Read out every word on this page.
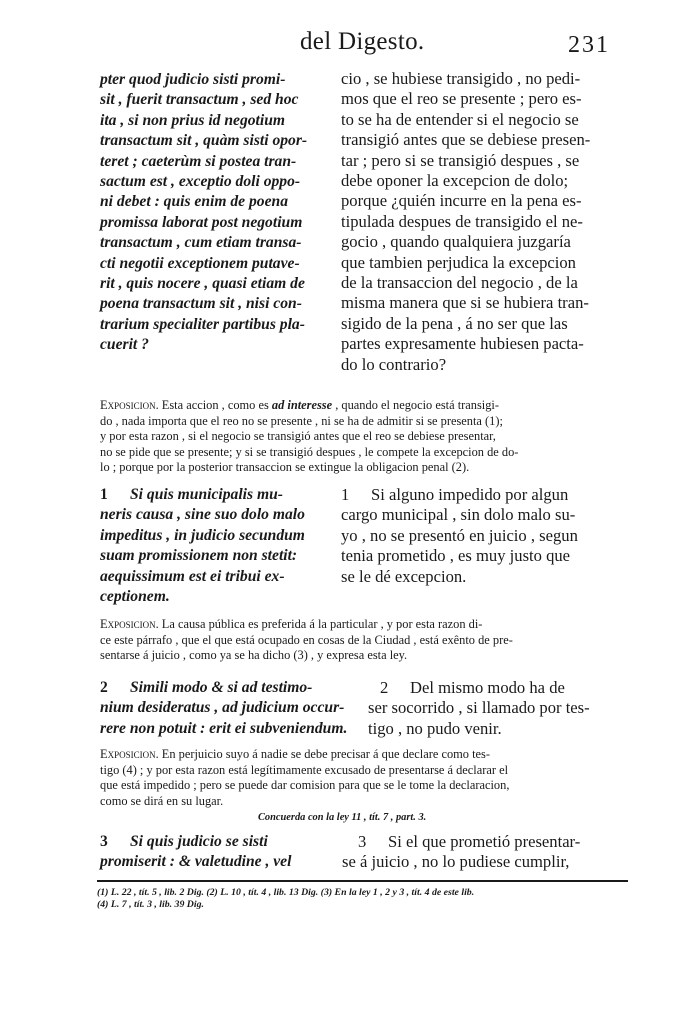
del Digesto.	231
pter quod judicio sisti promi-
sit , fuerit transactum , sed hoc
ita , si non prius id negotium
transactum sit , quàm sisti opor-
teret ; caeterùm si postea tran-
sactum est , exceptio doli oppo-
ni debet : quis enim de poena
promissa laborat post negotium
transactum , cum etiam transa-
cti negotii exceptionem putave-
rit , quis nocere , quasi etiam de
poena transactum sit , nisi con-
trarium specialiter partibus pla-
cuerit ?
cio , se hubiese transigido , no pedi-
mos que el reo se presente ; pero es-
to se ha de entender si el negocio se
transigió antes que se debiese presen-
tar ; pero si se transigió despues , se
debe oponer la excepcion de dolo;
porque ¿quién incurre en la pena es-
tipulada despues de transigido el ne-
gocio , quando qualquiera juzgaría
que tambien perjudica la excepcion
de la transaccion del negocio , de la
misma manera que si se hubiera tran-
sigido de la pena , á no ser que las
partes expresamente hubiesen pacta-
do lo contrario?
Exposicion. Esta accion , como es ad interesse , quando el negocio está transigi-
do , nada importa que el reo no se presente , ni se ha de admitir si se presenta (1);
y por esta razon , si el negocio se transigió antes que el reo se debiese presentar,
no se pide que se presente; y si se transigió despues , le compete la excepcion de do-
lo ; porque por la posterior transaccion se extingue la obligacion penal (2).
1 Si quis municipalis mu-
neris causa , sine suo dolo malo
impeditus , in judicio secundum
suam promissionem non stetit:
aequissimum est ei tribui ex-
ceptionem.
1 Si alguno impedido por algun
cargo municipal , sin dolo malo su-
yo , no se presentó en juicio , segun
tenia prometido , es muy justo que
se le dé excepcion.
Exposicion. La causa pública es preferida á la particular , y por esta razon di-
ce este párrafo , que el que está ocupado en cosas de la Ciudad , está exênto de pre-
sentarse á juicio , como ya se ha dicho (3) , y expresa esta ley.
2 Simili modo & si ad testimo-
nium desideratus , ad judicium occur-
rere non potuit : erit ei subveniendum.
2 Del mismo modo ha de
ser socorrido , si llamado por tes-
tigo , no pudo venir.
Exposicion. En perjuicio suyo á nadie se debe precisar á que declare como tes-
tigo (4) ; y por esta razon está legítimamente excusado de presentarse á declarar el
que está impedido ; pero se puede dar comision para que se le tome la declaracion,
como se dirá en su lugar.
Concuerda con la ley 11 , tít. 7 , part. 3.
3 Si quis judicio se sisti
promiserit : & valetudine , vel
3 Si el que prometió presentar-
se á juicio , no lo pudiese cumplir,
(1) L. 22 , tít. 5 , lib. 2 Dig. (2) L. 10 , tít. 4 , lib. 13 Dig. (3) En la ley 1 , 2 y 3 , tít. 4 de este lib.
(4) L. 7 , tít. 3 , lib. 39 Dig.
